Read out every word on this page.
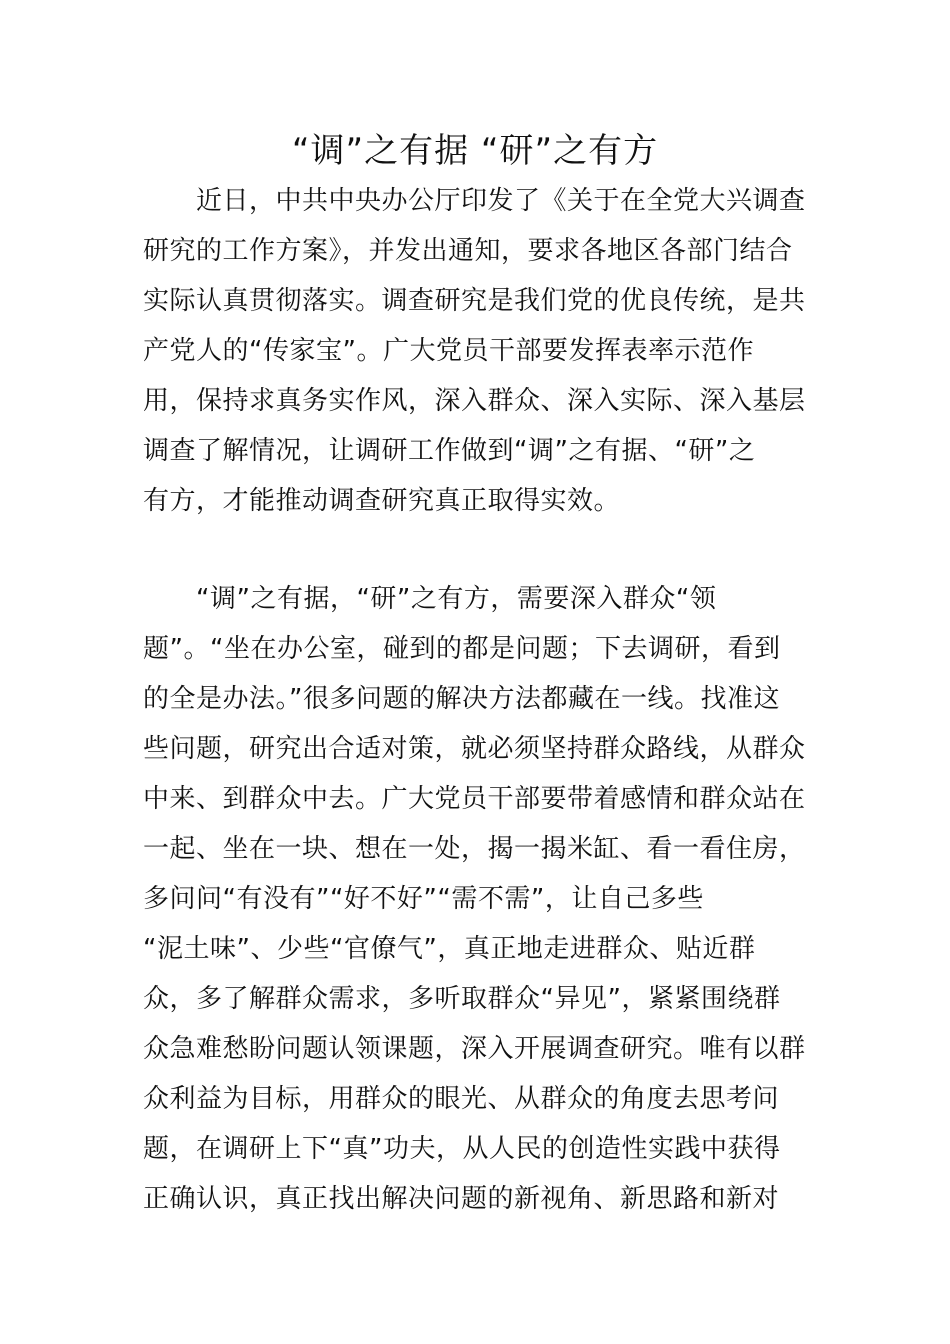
“调”之有据 “研”之有方
　　近日，中共中央办公厅印发了《关于在全党大兴调查
研究的工作方案》，并发出通知，要求各地区各部门结合
实际认真贯彻落实。调查研究是我们党的优良传统，是共
产党人的“传家宝”。广大党员干部要发挥表率示范作
用，保持求真务实作风，深入群众、深入实际、深入基层
调查了解情况，让调研工作做到“调”之有据、“研”之
有方，才能推动调查研究真正取得实效。
　　“调”之有据，“研”之有方，需要深入群众“领
题”。“坐在办公室，碰到的都是问题；下去调研，看到
的全是办法。”很多问题的解决方法都藏在一线。找准这
些问题，研究出合适对策，就必须坚持群众路线，从群众
中来、到群众中去。广大党员干部要带着感情和群众站在
一起、坐在一块、想在一处，揭一揭米缸、看一看住房，
多问问“有没有”“好不好”“需不需”，让自己多些
“泥土味”、少些“官僚气”，真正地走进群众、贴近群
众，多了解群众需求，多听取群众“异见”，紧紧围绕群
众急难愁盼问题认领课题，深入开展调查研究。唯有以群
众利益为目标，用群众的眼光、从群众的角度去思考问
题，在调研上下“真”功夫，从人民的创造性实践中获得
正确认识，真正找出解决问题的新视角、新思路和新对
